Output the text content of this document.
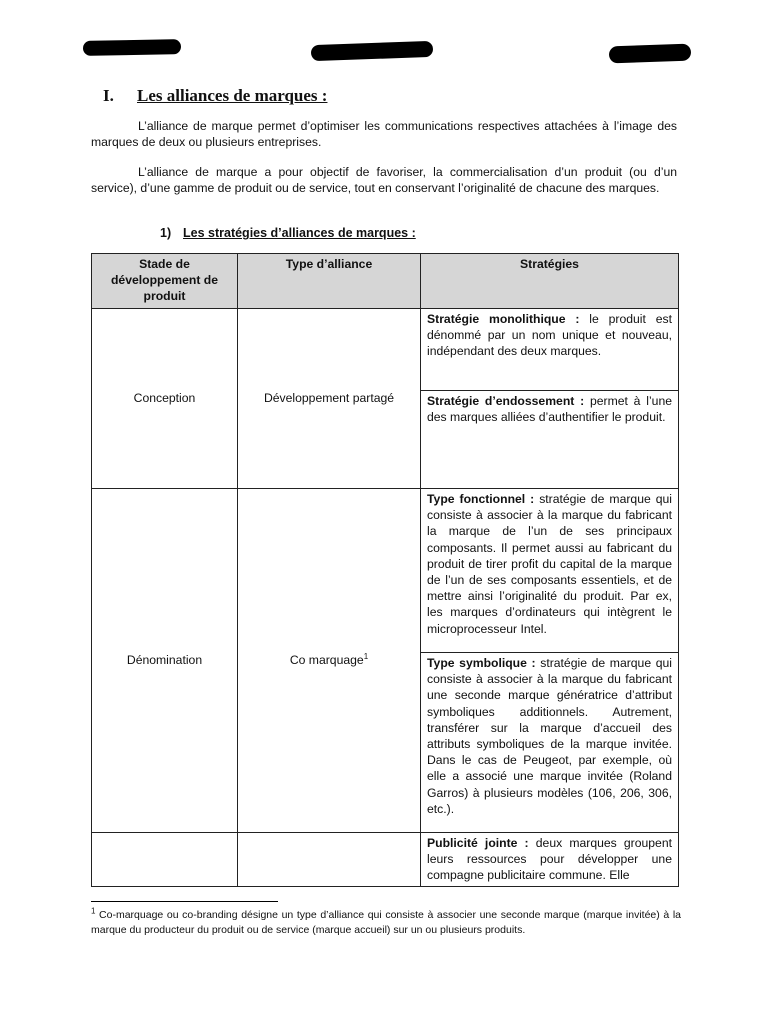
I. Les alliances de marques :
L’alliance de marque permet d’optimiser les communications respectives attachées à l’image des marques de deux ou plusieurs entreprises.
L’alliance de marque a pour objectif de favoriser, la commercialisation d’un produit (ou d’un service), d’une gamme de produit ou de service, tout en conservant l’originalité de chacune des marques.
1) Les stratégies d’alliances de marques :
Stade de développement de produit	Type d’alliance	Stratégies
Conception	Développement partagé	Stratégie monolithique : le produit est dénommé par un nom unique et nouveau, indépendant des deux marques.
		Stratégie d’endossement : permet à l’une des marques alliées d’authentifier le produit.
Dénomination	Co marquage$^1$	Type fonctionnel : stratégie de marque qui consiste à associer à la marque du fabricant la marque de l’un de ses principaux composants. Il permet aussi au fabricant du produit de tirer profit du capital de la marque de l’un de ses composants essentiels, et de mettre ainsi l’originalité du produit. Par ex, les marques d’ordinateurs qui intègrent le microprocesseur Intel.
		Type symbolique : stratégie de marque qui consiste à associer à la marque du fabricant une seconde marque génératrice d’attribut symboliques additionnels. Autrement, transférer sur la marque d’accueil des attributs symboliques de la marque invitée. Dans le cas de Peugeot, par exemple, où elle a associé une marque invitée (Roland Garros) à plusieurs modèles (106, 206, 306, etc.).
		Publicité jointe : deux marques groupent leurs ressources pour développer une compagne publicitaire commune. Elle
$^1$ Co-marquage ou co-branding désigne un type d’alliance qui consiste à associer une seconde marque (marque invitée) à la marque du producteur du produit ou de service (marque accueil) sur un ou plusieurs produits.
